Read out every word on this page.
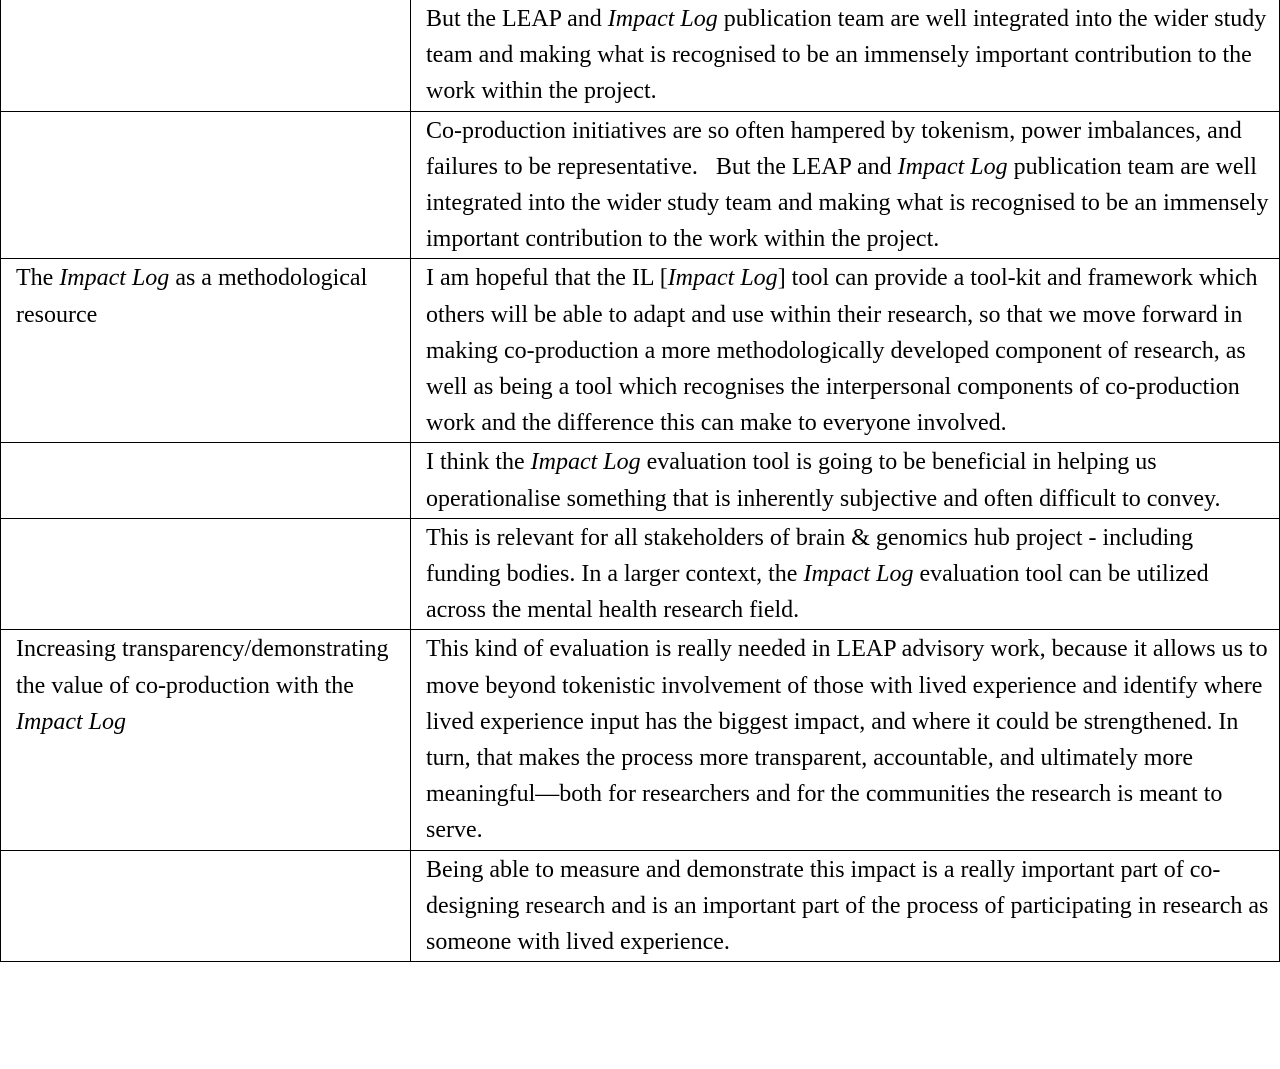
	But the LEAP and Impact Log publication team are well integrated into the wider study team and making what is recognised to be an immensely important contribution to the work within the project.
	Co-production initiatives are so often hampered by tokenism, power imbalances, and failures to be representative.   But the LEAP and Impact Log publication team are well integrated into the wider study team and making what is recognised to be an immensely important contribution to the work within the project.
The Impact Log as a methodological resource	I am hopeful that the IL [Impact Log] tool can provide a tool-kit and framework which others will be able to adapt and use within their research, so that we move forward in making co-production a more methodologically developed component of research, as well as being a tool which recognises the interpersonal components of co-production work and the difference this can make to everyone involved.
	I think the Impact Log evaluation tool is going to be beneficial in helping us operationalise something that is inherently subjective and often difficult to convey.
	This is relevant for all stakeholders of brain & genomics hub project - including funding bodies. In a larger context, the Impact Log evaluation tool can be utilized across the mental health research field.
Increasing transparency/demonstrating the value of co-production with the Impact Log	This kind of evaluation is really needed in LEAP advisory work, because it allows us to move beyond tokenistic involvement of those with lived experience and identify where lived experience input has the biggest impact, and where it could be strengthened. In turn, that makes the process more transparent, accountable, and ultimately more meaningful—both for researchers and for the communities the research is meant to serve.
	Being able to measure and demonstrate this impact is a really important part of co-designing research and is an important part of the process of participating in research as someone with lived experience.
